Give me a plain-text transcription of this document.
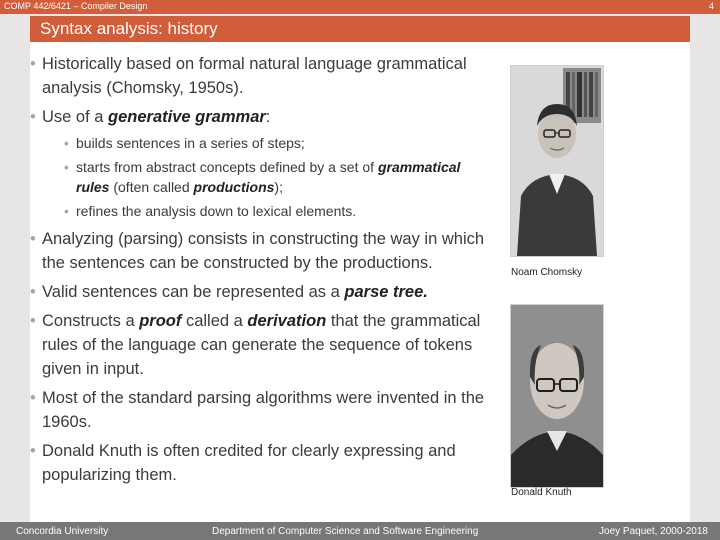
COMP 442/6421 – Compiler Design	4
Syntax analysis: history

• Historically based on formal natural language grammatical analysis (Chomsky, 1950s).

• Use of a generative grammar:

• builds sentences in a series of steps;

• starts from abstract concepts defined by a set of grammatical rules (often called productions);

• refines the analysis down to lexical elements.

• Analyzing (parsing) consists in constructing the way in which the sentences can be constructed by the productions.

• Valid sentences can be represented as a parse tree.

• Constructs a proof called a derivation that the grammatical rules of the language can generate the sequence of tokens given in input.

• Most of the standard parsing algorithms were invented in the 1960s.

• Donald Knuth is often credited for clearly expressing and popularizing them.

Noam Chomsky
Donald Knuth
Concordia University	Department of Computer Science and Software Engineering	Joey Paquet, 2000-2018
